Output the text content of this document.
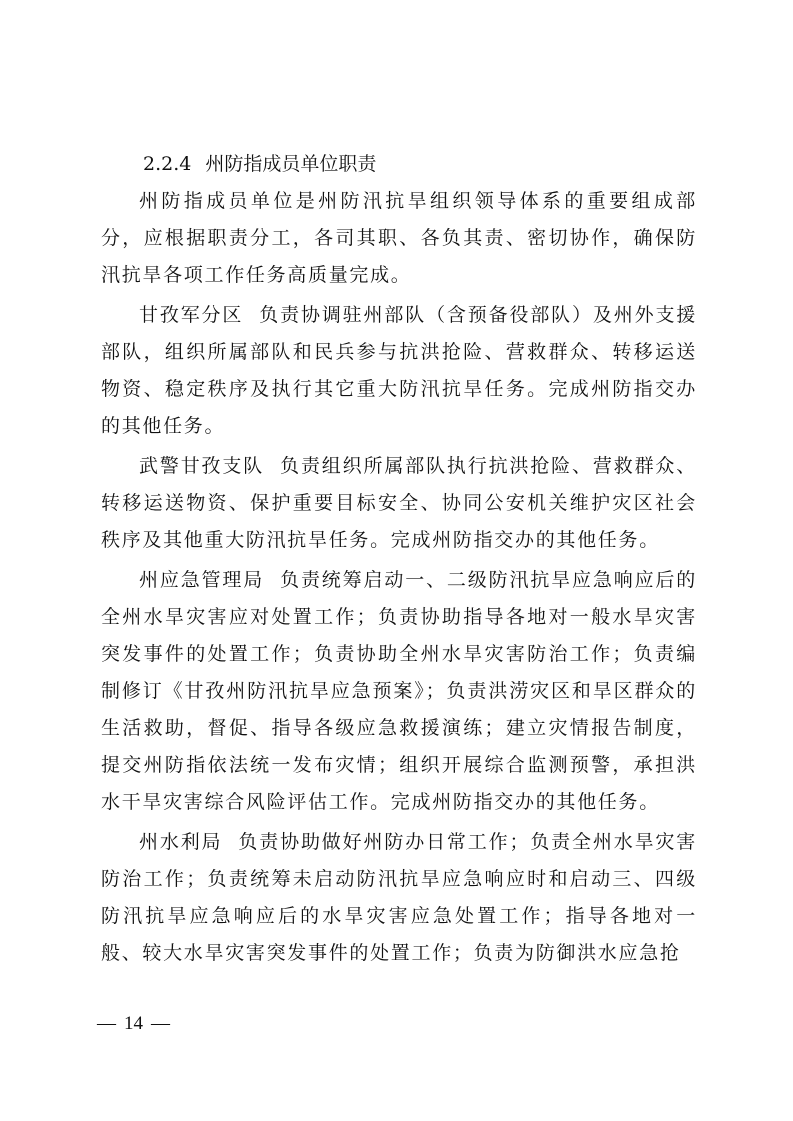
2.2.4 州防指成员单位职责

州防指成员单位是州防汛抗旱组织领导体系的重要组成部分，应根据职责分工，各司其职、各负其责、密切协作，确保防汛抗旱各项工作任务高质量完成。

甘孜军分区 负责协调驻州部队（含预备役部队）及州外支援部队，组织所属部队和民兵参与抗洪抢险、营救群众、转移运送物资、稳定秩序及执行其它重大防汛抗旱任务。完成州防指交办的其他任务。

武警甘孜支队 负责组织所属部队执行抗洪抢险、营救群众、转移运送物资、保护重要目标安全、协同公安机关维护灾区社会秩序及其他重大防汛抗旱任务。完成州防指交办的其他任务。

州应急管理局 负责统筹启动一、二级防汛抗旱应急响应后的全州水旱灾害应对处置工作；负责协助指导各地对一般水旱灾害突发事件的处置工作；负责协助全州水旱灾害防治工作；负责编制修订《甘孜州防汛抗旱应急预案》；负责洪涝灾区和旱区群众的生活救助，督促、指导各级应急救援演练；建立灾情报告制度，提交州防指依法统一发布灾情；组织开展综合监测预警，承担洪水干旱灾害综合风险评估工作。完成州防指交办的其他任务。

州水利局 负责协助做好州防办日常工作；负责全州水旱灾害防治工作；负责统筹未启动防汛抗旱应急响应时和启动三、四级防汛抗旱应急响应后的水旱灾害应急处置工作；指导各地对一般、较大水旱灾害突发事件的处置工作；负责为防御洪水应急抢

— 14 —
